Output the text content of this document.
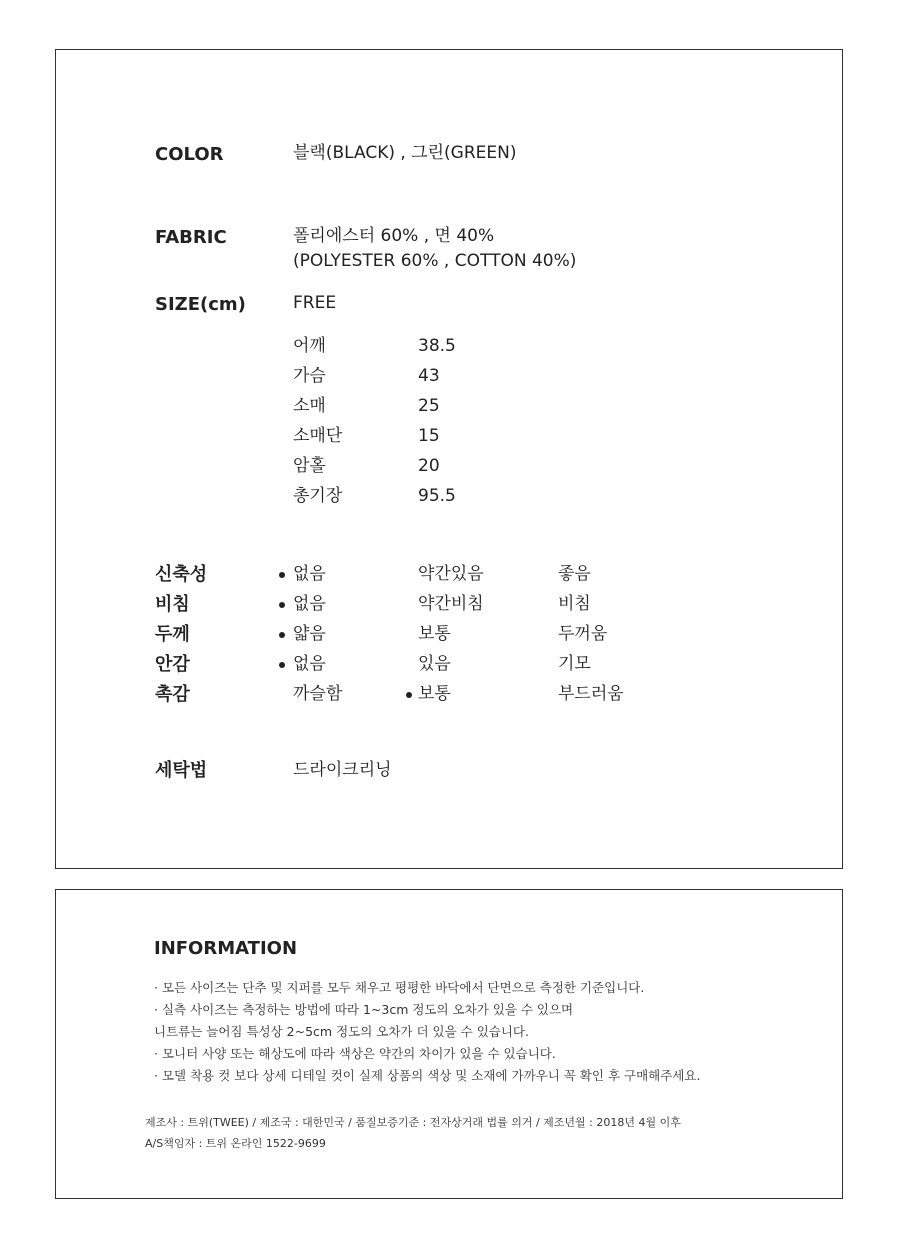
COLOR	블랙(BLACK) , 그린(GREEN)
FABRIC	폴리에스터 60% , 면 40%
(POLYESTER 60% , COTTON 40%)
SIZE(cm)	FREE
어깨	38.5
가슴	43
소매	25
소매단	15
암홀	20
총기장	95.5
신축성	없음	약간있음	좋음
비침	없음	약간비침	비침
두께	얇음	보통	두꺼움
안감	없음	있음	기모
촉감	까슬함	보통	부드러움
세탁법	드라이크리닝
INFORMATION
· 모든 사이즈는 단추 및 지퍼를 모두 채우고 평평한 바닥에서 단면으로 측정한 기준입니다.
· 실측 사이즈는 측정하는 방법에 따라 1~3cm 정도의 오차가 있을 수 있으며
니트류는 늘어짐 특성상 2~5cm 정도의 오차가 더 있을 수 있습니다.
· 모니터 사양 또는 해상도에 따라 색상은 약간의 차이가 있을 수 있습니다.
· 모델 착용 컷 보다 상세 디테일 컷이 실제 상품의 색상 및 소재에 가까우니 꼭 확인 후 구매해주세요.
제조사 : 트위(TWEE) / 제조국 : 대한민국 / 품질보증기준 : 전자상거래 법률 의거 / 제조년월 : 2018년 4월 이후
A/S책임자 : 트위 온라인 1522-9699
